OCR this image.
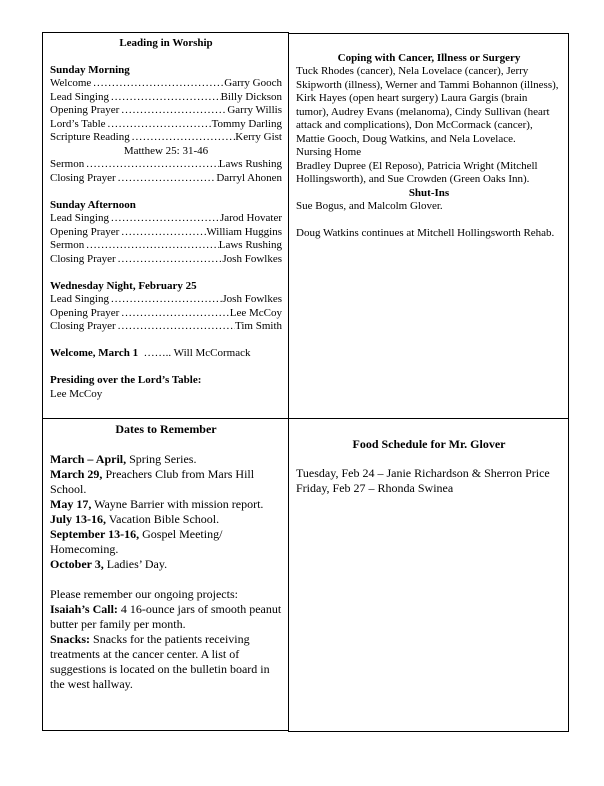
Leading in Worship
Sunday Morning
Welcome .....	Garry Gooch
Lead Singing .....	Billy Dickson
Opening Prayer .....	Garry Willis
Lord’s Table .....	Tommy Darling
Scripture Reading .....	Kerry Gist
Matthew 25: 31-46
Sermon .....	Laws Rushing
Closing Prayer .....	Darryl Ahonen
Sunday Afternoon
Lead Singing .....	Jarod Hovater
Opening Prayer .....	William Huggins
Sermon .....	Laws Rushing
Closing Prayer .....	Josh Fowlkes
Wednesday Night, February 25
Lead Singing .....	Josh Fowlkes
Opening Prayer .....	Lee McCoy
Closing Prayer .....	Tim Smith
Welcome, March 1 …….. Will McCormack
Presiding over the Lord’s Table:
Lee McCoy
Coping with Cancer, Illness or Surgery
Tuck Rhodes (cancer), Nela Lovelace (cancer), Jerry Skipworth (illness), Werner and Tammi Bohannon (illness), Kirk Hayes (open heart surgery) Laura Gargis (brain tumor), Audrey Evans (melanoma), Cindy Sullivan (heart attack and complications), Don McCormack (cancer), Mattie Gooch, Doug Watkins, and Nela Lovelace.
Nursing Home
Bradley Dupree (El Reposo), Patricia Wright (Mitchell Hollingsworth), and Sue Crowden (Green Oaks Inn).
Shut-Ins
Sue Bogus, and Malcolm Glover.
Doug Watkins continues at Mitchell Hollingsworth Rehab.
Dates to Remember
March – April, Spring Series.
March 29, Preachers Club from Mars Hill School.
May 17, Wayne Barrier with mission report.
July 13-16, Vacation Bible School.
September 13-16, Gospel Meeting/ Homecoming.
October 3, Ladies’ Day.
Please remember our ongoing projects:
Isaiah’s Call: 4 16-ounce jars of smooth peanut butter per family per month.
Snacks: Snacks for the patients receiving treatments at the cancer center. A list of suggestions is located on the bulletin board in the west hallway.
Food Schedule for Mr. Glover
Tuesday, Feb 24 – Janie Richardson & Sherron Price
Friday, Feb 27 – Rhonda Swinea
